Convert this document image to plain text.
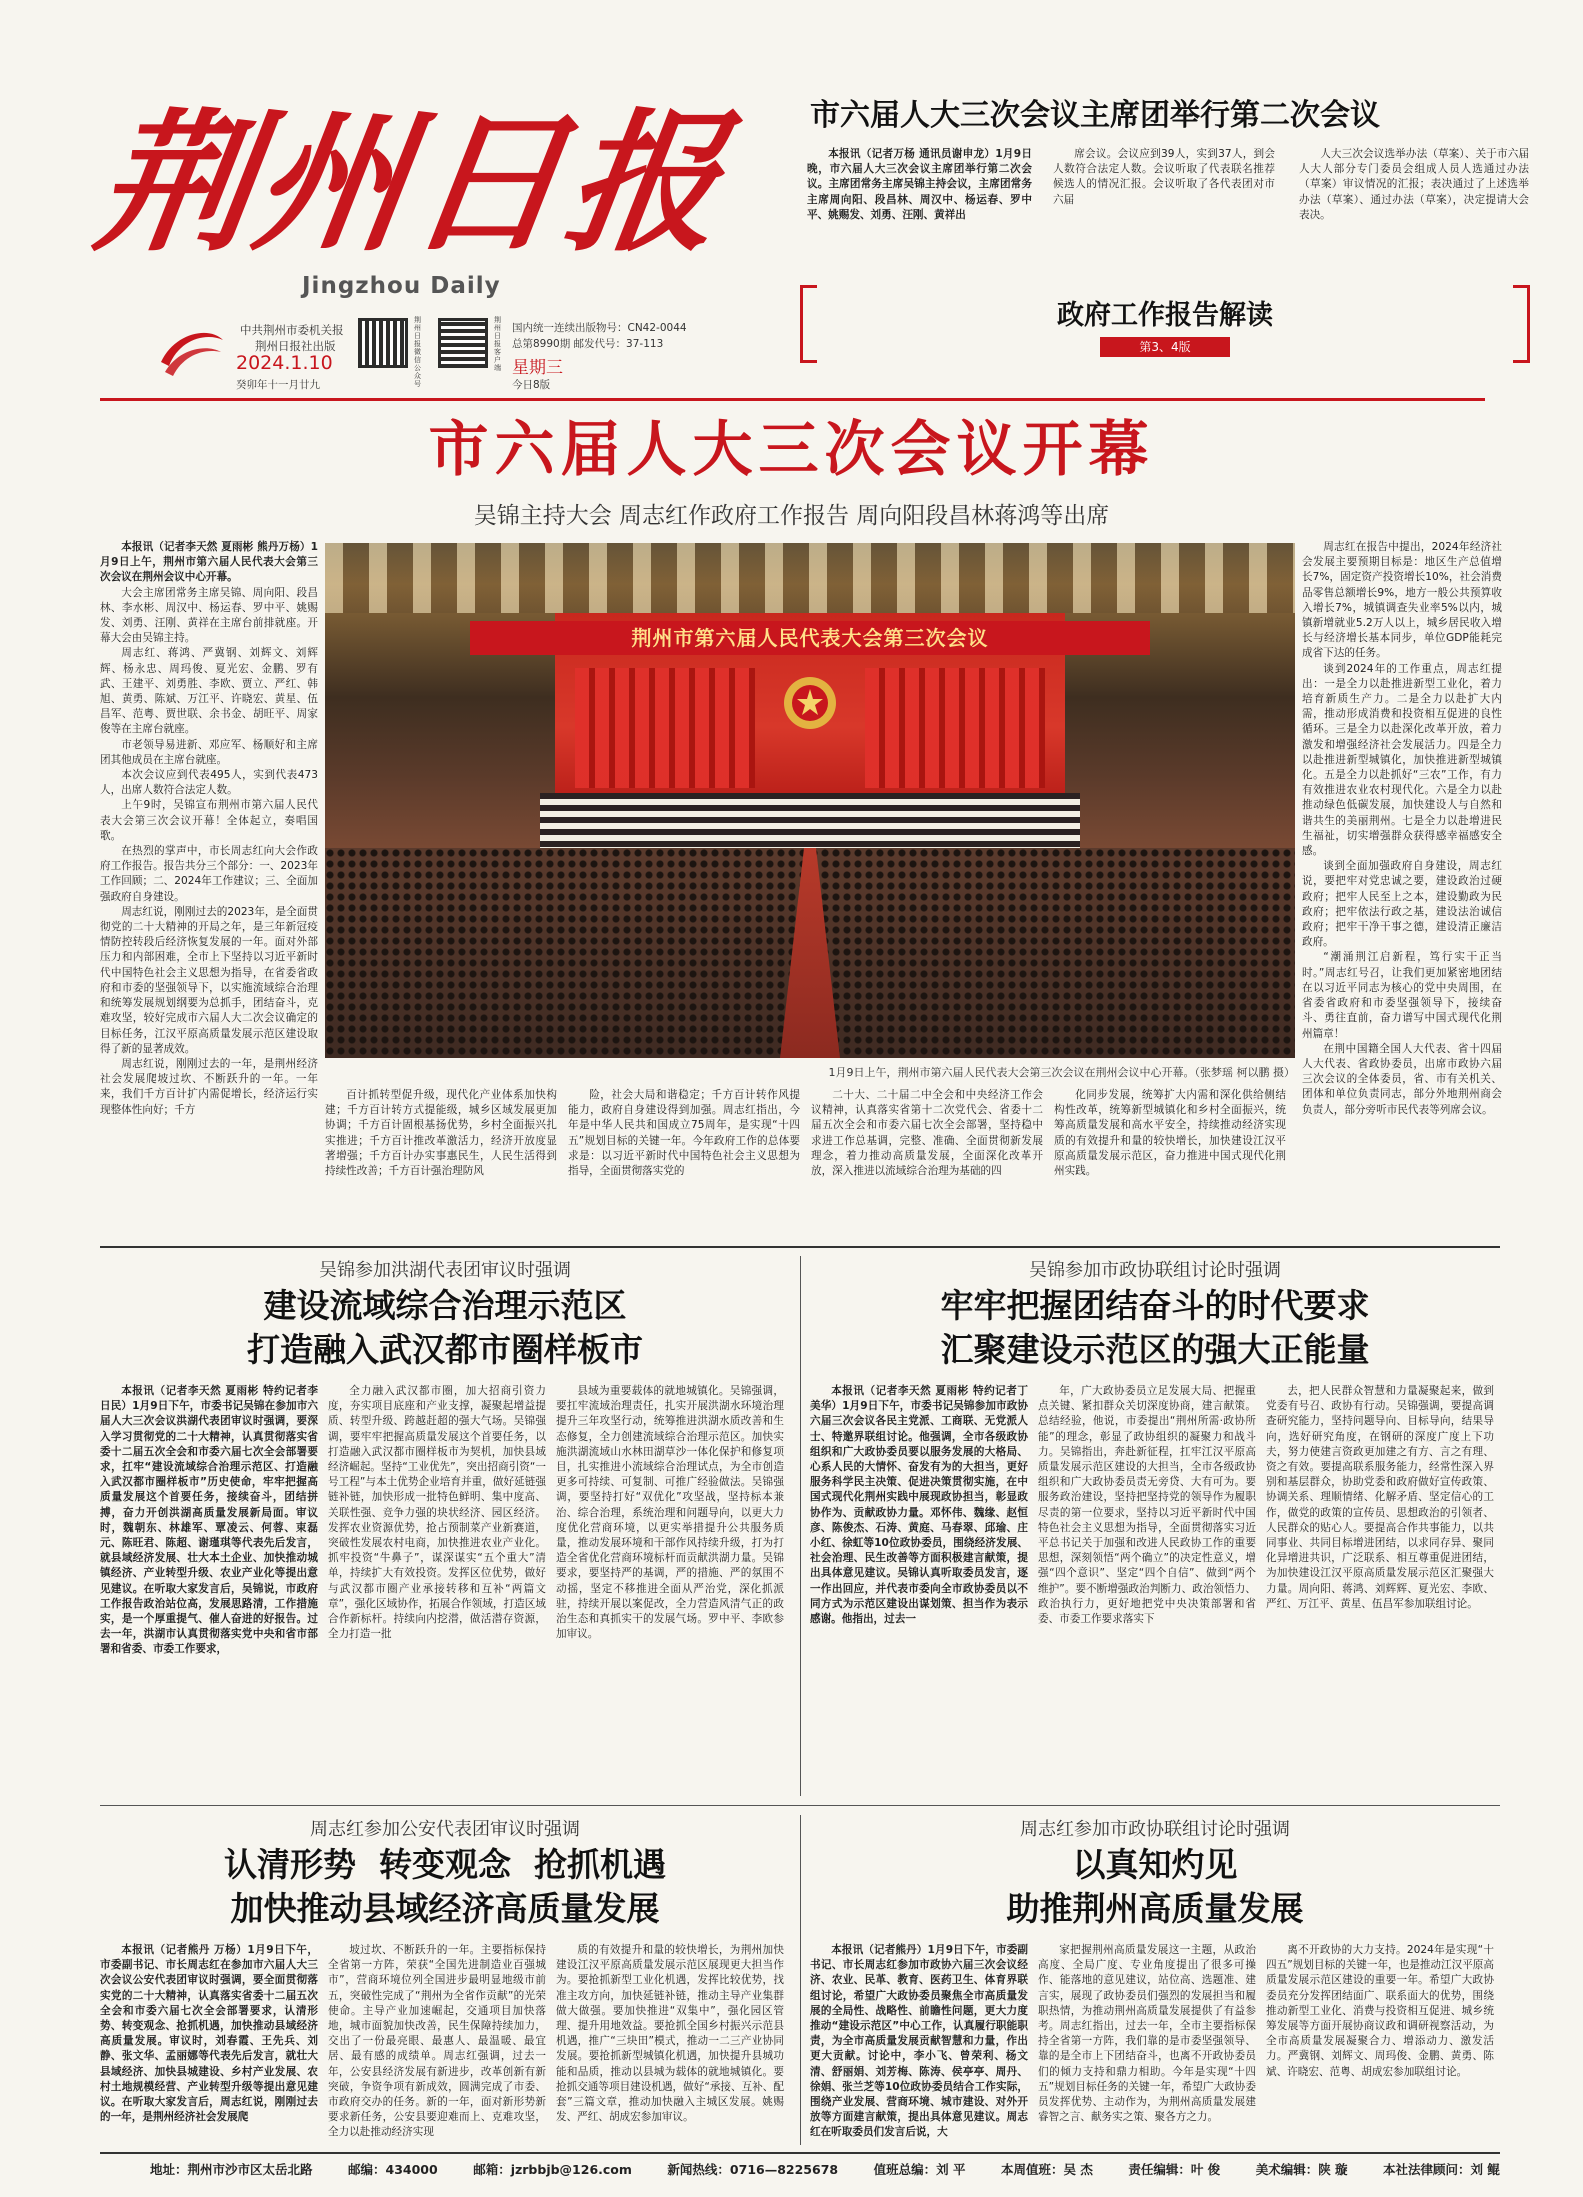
荆州日报
Jingzhou Daily
中共荆州市委机关报
荆州日报社出版
2024.1.10
癸卯年十一月廿九
荆州日报微信公众号
荆州日报客户端
国内统一连续出版物号：CN42-0044
总第8990期 邮发代号：37-113
星期三
今日8版
市六届人大三次会议主席团举行第二次会议

本报讯（记者万杨 通讯员谢申龙）1月9日晚，市六届人大三次会议主席团举行第二次会议。主席团常务主席吴锦主持会议，主席团常务主席周向阳、段昌林、周汉中、杨运春、罗中平、姚赐发、刘勇、汪刚、黄祥出

席会议。会议应到39人，实到37人，到会人数符合法定人数。会议听取了代表联名推荐候选人的情况汇报。会议听取了各代表团对市六届

人大三次会议选举办法（草案）、关于市六届人大人部分专门委员会组成人员人选通过办法（草案）审议情况的汇报；表决通过了上述选举办法（草案）、通过办法（草案），决定提请大会表决。

政府工作报告解读
第3、4版
市六届人大三次会议开幕
吴锦主持大会 周志红作政府工作报告 周向阳段昌林蒋鸿等出席

本报讯（记者李天然 夏雨彬 熊丹万杨）1月9日上午，荆州市第六届人民代表大会第三次会议在荆州会议中心开幕。

大会主席团常务主席吴锦、周向阳、段昌林、李水彬、周汉中、杨运春、罗中平、姚赐发、刘勇、汪刚、黄祥在主席台前排就座。开幕大会由吴锦主持。

周志红、蒋鸿、严冀钢、刘辉文、刘辉辉、杨永忠、周玛俊、夏光宏、金鹏、罗有武、王建平、刘勇胜、李欧、贾立、严红、韩旭、黄勇、陈斌、万江平、许晓宏、黄星、伍昌军、范粤、贾世联、余书金、胡旺平、周家俊等在主席台就座。

市老领导易进新、邓应军、杨顺好和主席团其他成员在主席台就座。

本次会议应到代表495人，实到代表473人，出席人数符合法定人数。

上午9时，吴锦宣布荆州市第六届人民代表大会第三次会议开幕！全体起立，奏唱国歌。

在热烈的掌声中，市长周志红向大会作政府工作报告。报告共分三个部分：一、2023年工作回顾；二、2024年工作建议；三、全面加强政府自身建设。

周志红说，刚刚过去的2023年，是全面贯彻党的二十大精神的开局之年，是三年新冠疫情防控转段后经济恢复发展的一年。面对外部压力和内部困难，全市上下坚持以习近平新时代中国特色社会主义思想为指导，在省委省政府和市委的坚强领导下，以实施流域综合治理和统筹发展规划纲要为总抓手，团结奋斗，克难攻坚，较好完成市六届人大二次会议确定的目标任务，江汉平原高质量发展示范区建设取得了新的显著成效。

周志红说，刚刚过去的一年，是荆州经济社会发展爬坡过坎、不断跃升的一年。一年来，我们千方百计扩内需促增长，经济运行实现整体性向好；千方

荆州市第六届人民代表大会第三次会议
1月9日上午，荆州市第六届人民代表大会第三次会议在荆州会议中心开幕。（张梦瑶 柯以鹏 摄）

周志红在报告中提出，2024年经济社会发展主要预期目标是：地区生产总值增长7%，固定资产投资增长10%，社会消费品零售总额增长9%，地方一般公共预算收入增长7%，城镇调查失业率5%以内，城镇新增就业5.2万人以上，城乡居民收入增长与经济增长基本同步，单位GDP能耗完成省下达的任务。

谈到2024年的工作重点，周志红提出：一是全力以赴推进新型工业化，着力培育新质生产力。二是全力以赴扩大内需，推动形成消费和投资相互促进的良性循环。三是全力以赴深化改革开放，着力激发和增强经济社会发展活力。四是全力以赴推进新型城镇化，加快推进新型城镇化。五是全力以赴抓好“三农”工作，有力有效推进农业农村现代化。六是全力以赴推动绿色低碳发展，加快建设人与自然和谐共生的美丽荆州。七是全力以赴增进民生福祉，切实增强群众获得感幸福感安全感。

谈到全面加强政府自身建设，周志红说，要把牢对党忠诚之要，建设政治过硬政府；把牢人民至上之本，建设勤政为民政府；把牢依法行政之基，建设法治诚信政府；把牢干净干事之德，建设清正廉洁政府。

“潮涌荆江启新程，笃行实干正当时。”周志红号召，让我们更加紧密地团结在以习近平同志为核心的党中央周围，在省委省政府和市委坚强领导下，接续奋斗、勇往直前，奋力谱写中国式现代化荆州篇章！

在荆中国籍全国人大代表、省十四届人大代表、省政协委员，出席市政协六届三次会议的全体委员，省、市有关机关、团体和单位负责同志，部分外地荆州商会负责人，部分旁听市民代表等列席会议。

百计抓转型促升级，现代化产业体系加快构建；千方百计转方式提能级，城乡区域发展更加协调；千方百计固根基扬优势，乡村全面振兴扎实推进；千方百计推改革激活力，经济开放度显著增强；千方百计办实事惠民生，人民生活得到持续性改善；千方百计强治理防风

险，社会大局和谐稳定；千方百计转作风提能力，政府自身建设得到加强。周志红指出，今年是中华人民共和国成立75周年，是实现“十四五”规划目标的关键一年。今年政府工作的总体要求是：以习近平新时代中国特色社会主义思想为指导，全面贯彻落实党的

二十大、二十届二中全会和中央经济工作会议精神，认真落实省第十二次党代会、省委十二届五次全会和市委六届七次全会部署，坚持稳中求进工作总基调，完整、准确、全面贯彻新发展理念，着力推动高质量发展，全面深化改革开放，深入推进以流域综合治理为基础的四

化同步发展，统筹扩大内需和深化供给侧结构性改革，统筹新型城镇化和乡村全面振兴，统筹高质量发展和高水平安全，持续推动经济实现质的有效提升和量的较快增长，加快建设江汉平原高质量发展示范区，奋力推进中国式现代化荆州实践。

吴锦参加洪湖代表团审议时强调
建设流域综合治理示范区
打造融入武汉都市圈样板市

本报讯（记者李天然 夏雨彬 特约记者李日民）1月9日下午，市委书记吴锦在参加市六届人大三次会议洪湖代表团审议时强调，要深入学习贯彻党的二十大精神，认真贯彻落实省委十二届五次全会和市委六届七次全会部署要求，扛牢“建设流域综合治理示范区、打造融入武汉都市圈样板市”历史使命，牢牢把握高质量发展这个首要任务，接续奋斗，团结拼搏，奋力开创洪湖高质量发展新局面。审议时，魏朝东、林雄军、覃凌云、何蓉、束磊元、陈旺君、陈超、谢瑾琪等代表先后发言，就县域经济发展、壮大本土企业、加快推动城镇经济、产业转型升级、农业产业化等提出意见建议。在听取大家发言后，吴锦说，市政府工作报告政治站位高，发展思路清，工作措施实，是一个厚重提气、催人奋进的好报告。过去一年，洪湖市认真贯彻落实党中央和省市部署和省委、市委工作要求，

全力融入武汉都市圈，加大招商引资力度，夯实项目底座和产业支撑，凝聚起增益提质、转型升级、跨越赶超的强大气场。吴锦强调，要牢牢把握高质量发展这个首要任务，以打造融入武汉都市圈样板市为契机，加快县域经济崛起。坚持“工业优先”，突出招商引资“一号工程”与本土优势企业培育并重，做好延链强链补链，加快形成一批特色鲜明、集中度高、关联性强、竞争力强的块状经济、园区经济。发挥农业资源优势，抢占预制菜产业新赛道，突破性发展农村电商，加快推进农业产业化。抓牢投资“牛鼻子”，谋深谋实“五个重大”清单，持续扩大有效投资。发挥区位优势，做好与武汉都市圈产业承接转移和互补“两篇文章”，强化区域协作，拓展合作领域，打造区域合作新标杆。持续向内挖潜，做活潜存资源，全力打造一批

县域为重要载体的就地城镇化。吴锦强调，要扛牢流域治理责任，扎实开展洪湖水环境治理提升三年攻坚行动，统筹推进洪湖水质改善和生态修复，全力创建流域综合治理示范区。加快实施洪湖流域山水林田湖草沙一体化保护和修复项目，扎实推进小流域综合治理试点，为全市创造更多可持续、可复制、可推广经验做法。吴锦强调，要坚持打好“双优化”攻坚战，坚持标本兼治、综合治理，系统治理和问题导向，以更大力度优化营商环境，以更实举措提升公共服务质量，推动发展环境和干部作风持续升级，打为打造全省优化营商环境标杆而贡献洪湖力量。吴锦要求，要坚持严的基调，严的措施、严的氛围不动摇，坚定不移推进全面从严治党，深化抓派驻，持续开展以案促改，全力营造风清气正的政治生态和真抓实干的发展气场。罗中平、李欧参加审议。

吴锦参加市政协联组讨论时强调
牢牢把握团结奋斗的时代要求
汇聚建设示范区的强大正能量

本报讯（记者李天然 夏雨彬 特约记者丁美华）1月9日下午，市委书记吴锦参加市政协六届三次会议各民主党派、工商联、无党派人士、特邀界联组讨论。他强调，全市各级政协组织和广大政协委员要以服务发展的大格局、心系人民的大情怀、奋发有为的大担当，更好服务科学民主决策、促进决策贯彻实施，在中国式现代化荆州实践中展现政协担当，彰显政协作为、贡献政协力量。邓怀伟、魏缘、赵恒彦、陈俊杰、石涛、黄庭、马春翠、邱瑜、庄小红、徐虹等10位政协委员，围绕经济发展、社会治理、民生改善等方面积极建言献策，提出具体意见建议。吴锦认真听取委员发言，逐一作出回应，并代表市委向全市政协委员以不同方式为示范区建设出谋划策、担当作为表示感谢。他指出，过去一

年，广大政协委员立足发展大局、把握重点关键、紧扣群众关切深度协商，建言献策。总结经验，他说，市委提出“荆州所需·政协所能”的理念，彰显了政协组织的凝聚力和战斗力。吴锦指出，奔赴新征程，扛牢江汉平原高质量发展示范区建设的大担当，全市各级政协组织和广大政协委员责无旁贷、大有可为。要服务政治建设，坚持把坚持党的领导作为履职尽责的第一位要求，坚持以习近平新时代中国特色社会主义思想为指导，全面贯彻落实习近平总书记关于加强和改进人民政协工作的重要思想，深刻领悟“两个确立”的决定性意义，增强“四个意识”、坚定“四个自信”、做到“两个维护”。要不断增强政治判断力、政治领悟力、政治执行力，更好地把党中央决策部署和省委、市委工作要求落实下

去，把人民群众智慧和力量凝聚起来，做到党委有号召、政协有行动。吴锦强调，要提高调查研究能力，坚持问题导向、目标导向，结果导向，选好研究角度，在钢研的深度广度上下功夫，努力使建言资政更加建之有方、言之有理、资之有效。要提高联系服务能力，经常性深入界别和基层群众，协助党委和政府做好宣传政策、协调关系、理顺情绪、化解矛盾、坚定信心的工作，做党的政策的宣传员、思想政治的引领者、人民群众的贴心人。要提高合作共事能力，以共同事业、共同目标增进团结，以求同存异、聚同化异增进共识，广泛联系、相互尊重促进团结，为加快建设江汉平原高质量发展示范区汇聚强大力量。周向阳、蒋鸿、刘辉辉、夏光宏、李欧、严红、万江平、黄星、伍昌军参加联组讨论。

周志红参加公安代表团审议时强调
认清形势  转变观念  抢抓机遇
加快推动县域经济高质量发展

本报讯（记者熊丹 万杨）1月9日下午，市委副书记、市长周志红在参加市六届人大三次会议公安代表团审议时强调，要全面贯彻落实党的二十大精神，认真落实省委十二届五次全会和市委六届七次全会部署要求，认清形势、转变观念、抢抓机遇，加快推动县域经济高质量发展。审议时，刘春霞、王先兵、刘静、张文华、孟丽娜等代表先后发言，就壮大县域经济、加快县城建设、乡村产业发展、农村土地规模经营、产业转型升级等提出意见建议。在听取大家发言后，周志红说，刚刚过去的一年，是荆州经济社会发展爬

坡过坎、不断跃升的一年。主要指标保持全省第一方阵，荣获“全国先进制造业百强城市”，营商环境位列全国进步最明显地级市前五，突破性完成了“荆州为全省作贡献”的光荣使命。主导产业加速崛起，交通项目加快落地，城市面貌加快改善，民生保障持续加力，交出了一份最亮眼、最惠人、最温暖、最宜居、最有感的成绩单。周志红强调，过去一年，公安县经济发展有新进步，改革创新有新突破，争资争项有新成效，圆满完成了市委、市政府交办的任务。新的一年，面对新形势新要求新任务，公安县要迎难而上、克难攻坚，全力以赴推动经济实现

质的有效提升和量的较快增长，为荆州加快建设江汉平原高质量发展示范区展现更大担当作为。要抢抓新型工业化机遇，发挥比较优势，找准主攻方向，加快延链补链，推动主导产业集群做大做强。要加快推进“双集中”，强化园区管理、提升用地效益。要抢抓全国乡村振兴示范县机遇，推广“三块田”模式，推动一二三产业协同发展。要抢抓新型城镇化机遇，加快提升县城功能和品质，推动以县城为载体的就地城镇化。要抢抓交通等项目建设机遇，做好“承接、互补、配套”三篇文章，推动加快融入主城区发展。姚赐发、严红、胡成宏参加审议。

周志红参加市政协联组讨论时强调
以真知灼见
助推荆州高质量发展

本报讯（记者熊丹）1月9日下午，市委副书记、市长周志红参加市政协六届三次会议经济、农业、民革、教育、医药卫生、体育界联组讨论，希望广大政协委员聚焦全市高质量发展的全局性、战略性、前瞻性问题，更大力度推动“建设示范区”中心工作，认真履行职能职责，为全市高质量发展贡献智慧和力量，作出更大贡献。讨论中，李小飞、曾荣利、杨文清、舒丽娟、刘芳梅、陈涛、侯亭亭、周丹、徐娟、张兰芝等10位政协委员结合工作实际，围绕产业发展、营商环境、城市建设、对外开放等方面建言献策，提出具体意见建议。周志红在听取委员们发言后说，大

家把握荆州高质量发展这一主题，从政治高度、全局广度、专业角度提出了很多可操作、能落地的意见建议，站位高、选题准、建言实，展现了政协委员们强烈的发展担当和履职热情，为推动荆州高质量发展提供了有益参考。周志红指出，过去一年，全市主要指标保持全省第一方阵，我们靠的是市委坚强领导、靠的是全市上下团结奋斗，也离不开政协委员们的倾力支持和鼎力相助。今年是实现“十四五”规划目标任务的关键一年，希望广大政协委员发挥优势、主动作为，为荆州高质量发展建睿智之言、献务实之策、聚各方之力。

离不开政协的大力支持。2024年是实现“十四五”规划目标的关键一年，也是推动江汉平原高质量发展示范区建设的重要一年。希望广大政协委员充分发挥团结面广、联系面大的优势，围绕推动新型工业化、消费与投资相互促进、城乡统筹发展等方面开展协商议政和调研视察活动，为全市高质量发展凝聚合力、增添动力、激发活力。严冀钢、刘辉文、周玛俊、金鹏、黄勇、陈斌、许晓宏、范粤、胡成宏参加联组讨论。

地址：荆州市沙市区太岳北路	邮编：434000	邮箱：jzrbbjb@126.com	新闻热线：0716—8225678	值班总编：刘 平	本周值班：吴 杰	责任编辑：叶 俊	美术编辑：陕 璇	本社法律顾问：刘 鲲
